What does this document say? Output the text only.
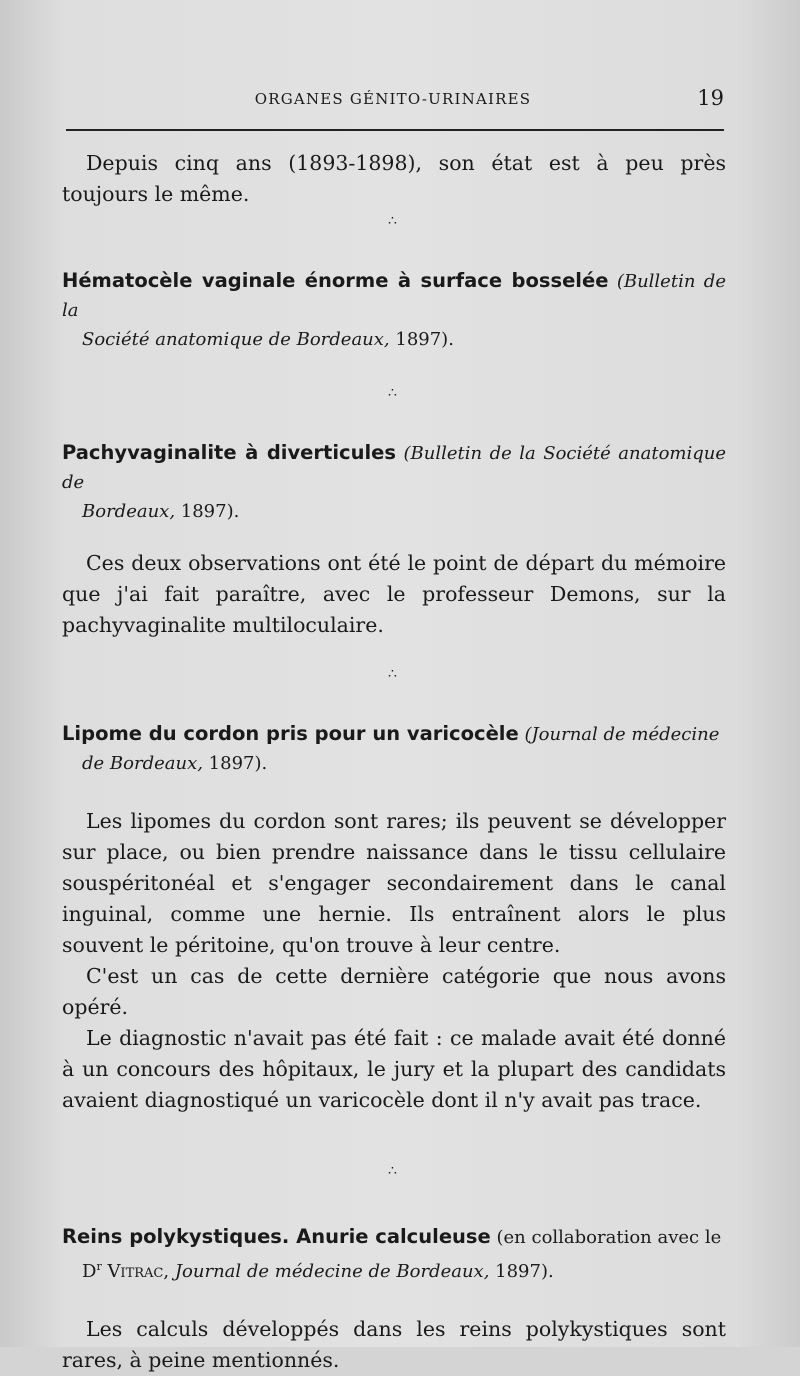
ORGANES GÉNITO-URINAIRES	19

Depuis cinq ans (1893-1898), son état est à peu près toujours le même.

∴
Hématocèle vaginale énorme à surface bosselée (Bulletin de la
Société anatomique de Bordeaux, 1897).
∴
Pachyvaginalite à diverticules (Bulletin de la Société anatomique de
Bordeaux, 1897).

Ces deux observations ont été le point de départ du mémoire que j'ai fait paraître, avec le professeur Demons, sur la pachyvaginalite multiloculaire.

∴
Lipome du cordon pris pour un varicocèle (Journal de médecine
de Bordeaux, 1897).

Les lipomes du cordon sont rares; ils peuvent se développer sur place, ou bien prendre naissance dans le tissu cellulaire souspéritonéal et s'engager secondairement dans le canal inguinal, comme une hernie. Ils entraînent alors le plus souvent le péritoine, qu'on trouve à leur centre.

C'est un cas de cette dernière catégorie que nous avons opéré.

Le diagnostic n'avait pas été fait : ce malade avait été donné à un concours des hôpitaux, le jury et la plupart des candidats avaient diagnostiqué un varicocèle dont il n'y avait pas trace.

∴
Reins polykystiques. Anurie calculeuse (en collaboration avec le
$D^r$ Vitrac, Journal de médecine de Bordeaux, 1897).

Les calculs développés dans les reins polykystiques sont rares, à peine mentionnés.
